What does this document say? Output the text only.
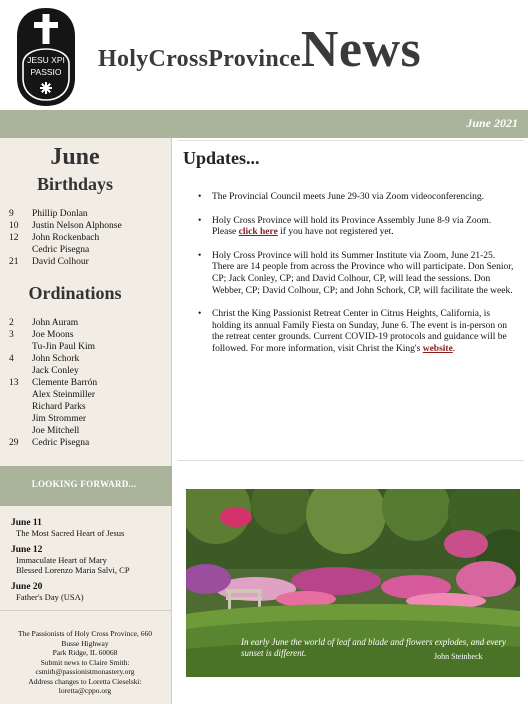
JESU XPI
PASSIO HolyCrossProvinceNews
June 2021
June
Birthdays
9	Phillip Donlan
10	Justin Nelson Alphonse
12	John Rockenbach
Cedric Pisegna
21	David Colhour
Ordinations
2	John Auram
3	Joe Moons
Tu-Jin Paul Kim
4	John Schork
Jack Conley
13	Clemente Barrón
Alex Steinmiller
Richard Parks
Jim Strommer
Joe Mitchell
29	Cedric Pisegna
LOOKING FORWARD...
June 11
The Most Sacred Heart of Jesus
June 12
Immaculate Heart of Mary
Blessed Lorenzo Maria Salvi, CP
June 20
Father's Day (USA)
The Passionists of Holy Cross Province, 660
Busse Highway
Park Ridge, IL 60068
Submit news to Claire Smith:
csmith@passionistmonastery.org
Address changes to Loretta Cieselski:
loretta@cppo.org
Updates...
• The Provincial Council meets June 29-30 via Zoom videoconferencing.
• Holy Cross Province will hold its Province Assembly June 8-9 via Zoom. Please click here if you have not registered yet.
• Holy Cross Province will hold its Summer Institute via Zoom, June 21-25. There are 14 people from across the Province who will participate. Don Senior, CP; Jack Conley, CP; and David Colhour, CP, will lead the sessions. Don Webber, CP; David Colhour, CP; and John Schork, CP, will facilitate the week.
• Christ the King Passionist Retreat Center in Citrus Heights, California, is holding its annual Family Fiesta on Sunday, June 6. The event is in-person on the retreat center grounds. Current COVID-19 protocols and guidance will be followed. For more information, visit Christ the King's website.
In early June the world of leaf and blade and flowers explodes, and every sunset is different.	John Steinbeck
